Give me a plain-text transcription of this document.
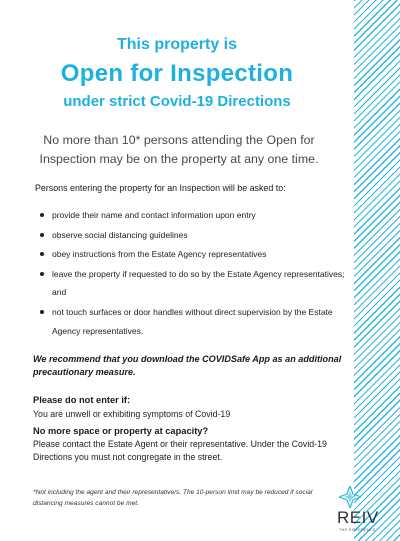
This property is
Open for Inspection
under strict Covid-19 Directions
No more than 10* persons attending the Open for Inspection may be on the property at any one time.
Persons entering the property for an Inspection will be asked to:
provide their name and contact information upon entry
observe social distancing guidelines
obey instructions from the Estate Agency representatives
leave the property if requested to do so by the Estate Agency representatives; and
not touch surfaces or door handles without direct supervision by the Estate Agency representatives.
We recommend that you download the COVIDSafe App as an additional precautionary measure.
Please do not enter if:
You are unwell or exhibiting symptoms of Covid-19
No more space or property at capacity?
Please contact the Estate Agent or their representative. Under the Covid-19 Directions you must not congregate in the street.
*Not including the agent and their representative/s. The 10-person limit may be reduced if social distancing measures cannot be met.
REIV
THE DIFFERENCE
